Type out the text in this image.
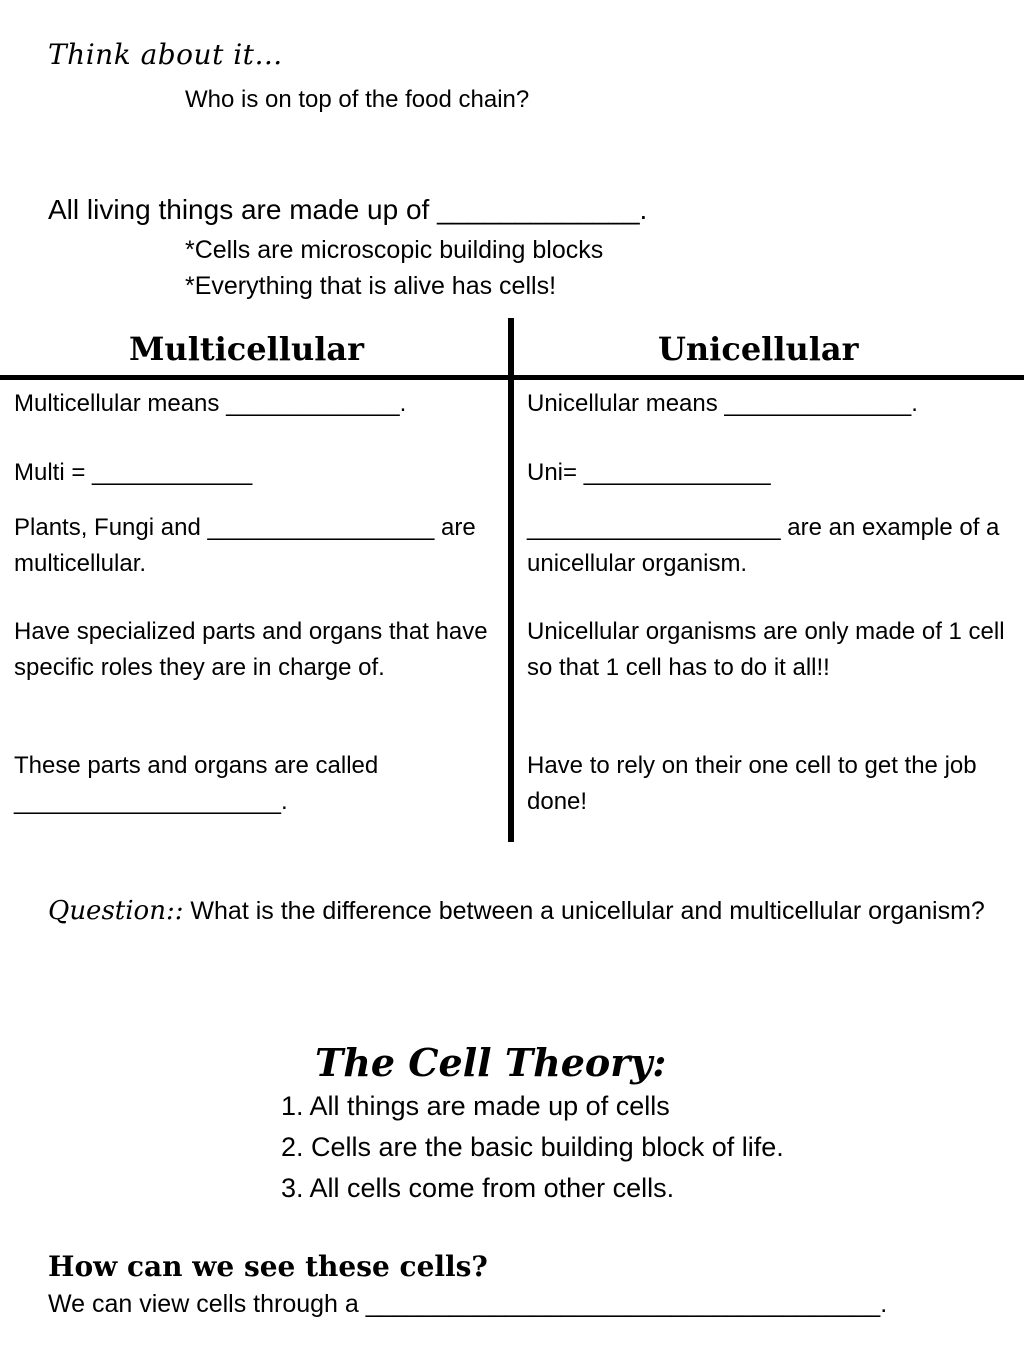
Think about it…
Who is on top of the food chain?
All living things are made up of _____________.
*Cells are microscopic building blocks
*Everything that is alive has cells!
Multicellular	Unicellular
Multicellular means _____________.
Multi = ____________
Plants, Fungi and _________________ are multicellular.
Have specialized parts and organs that have specific roles they are in charge of.
These parts and organs are called ____________________.
Unicellular means ______________.
Uni= ______________
___________________ are an example of a unicellular organism.
Unicellular organisms are only made of 1 cell so that 1 cell has to do it all!!
Have to rely on their one cell to get the job done!
Question:: What is the difference between a unicellular and multicellular organism?
The Cell Theory:
1. All things are made up of cells
2. Cells are the basic building block of life.
3. All cells come from other cells.
How can we see these cells?
We can view cells through a _____________________________________.
